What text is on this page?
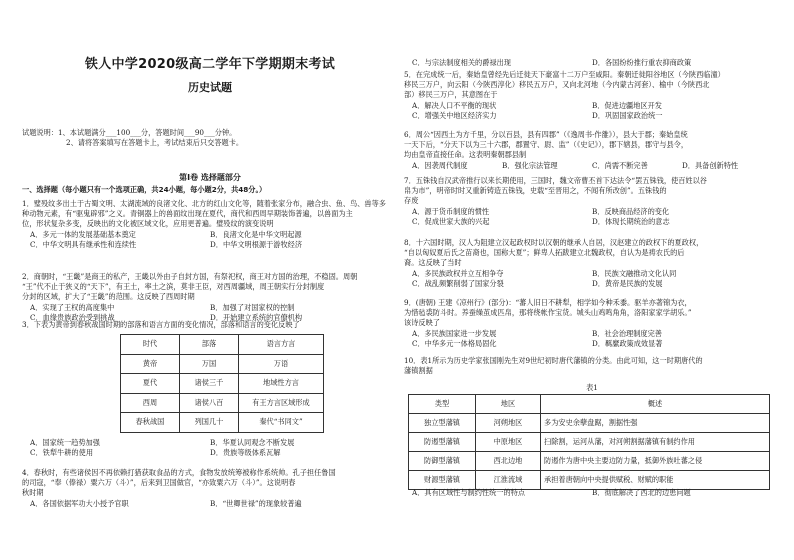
铁人中学2020级高二学年下学期期末考试
历史试题
试题说明：1、本试题满分___100___分，答题时间___90___分钟。
2、请将答案填写在答题卡上，考试结束后只交答题卡。
第Ⅰ卷 选择题部分
一、选择题（每小题只有一个选项正确，共24小题，每小题2分，共48分。）
1．璧殁纹多出土于古蜀文明、太湖流域的良渚文化、北方的红山文化等，随着张家分布，融合虫、鱼、鸟、兽等多
种动物元素，有“驱鬼辟邪”之义。青铜器上的兽面纹出现在夏代，商代和西周早期装饰普遍，以兽面为主
位，形状复杂多变，反映出的文化被区域文化，应用更普遍。璧殁纹的演变说明
A．多元一体的发展基础基本奠定	B．良渚文化是中华文明起源
C．中华文明具有继承性和连续性	D．中华文明根源于游牧经济
2．商朝时，“王畿”是商王的私产，王畿以外由子自封方国，有祭祀权，商王对方国的治理，不稳固。周朝
“王”代不止于狭义的“天下”，有王土，率土之滨，莫非王臣，对西周疆域，周王朝实行分封制度
分封的区域，扩大了“王畿”的范围。这反映了西周时期
A．实现了王权的高度集中	B．加强了对国家权的控制
C．血缘贵族政治受到挑战	D．开始建立系统的官僚机构
3．下表为黄帝到春秋战国时期的部落和语言方面的变化情况，部落和语言的变化反映了
时代	部落	语言方言
黄帝	万国	万语
夏代	诸侯三千	地域性方言
西周	诸侯八百	有王方言区域形成
春秋战国	列国几十	秦代“书同文”
A．国家统一趋势加强	B．华夏认同观念不断发展
C．铁犁牛耕的使用	D．贵族等级体系瓦解
4．春秋时，有些诸侯因不再依赖打猎获取食品的方式，食物发放统筹被称作系统帅。孔子担任鲁国
的司寇，“奉（俸禄）粟六万（斗）”，后来到卫国做官，“亦致粟六万（斗）”。这说明春
秋时期
A．各国依据军功大小授予官职	B．“世卿世禄”的现象较普遍
C．与宗法制度相关的爵禄出现	D．各国纷纷推行重农抑商政策
5．在完成统一后，秦始皇曾经先后迁徙天下豪富十二万户至咸阳。秦朝迁徙阳谷地区（今陕西临潼）
移民三万户，向云阳（今陕西淳化）移民五万户，又向北河地（今内蒙古河套）、榆中（今陕西北
部）移民三万户，其意图在于
A．解决人口不平衡的现状	B．促进边疆地区开发
C．增强关中地区经济实力	D．巩固国家政治统一
6．周公“因西土为方千里，分以百县，县有四郡”（《逸周书·作雒》），县大于郡；秦始皇统
一天下后，“分天下以为三十六郡，郡置守、尉、监”（《史记》），郡下辖县，郡守与县令，
均由皇帝直接任命。这表明秦朝郡县制
A．因袭周代制度	B．强化宗法管理	C．尚需不断完善	D．具备创新特性
7．五铢钱自汉武帝推行以来长期使用，三国时，魏文帝曹丕首下达法令“罢五铢钱，使百姓以谷
帛为市”，明帝时时又重新铸造五铢钱，史载“至晋用之，不闻有所改创”。五铢钱的
存废
A．源于货币制度的惯性	B．反映商品经济的变化
C．促成世家大族的兴起	D．体现长期统治的意志
8．十六国时期，汉人为阻建立汉起政权时以汉朝的继承人自居，汉赵建立的政权下的夏政权，
“自以匈奴夏后氏之苗裔也，国称大夏”；鲜卑人拓跋建立北魏政权，自认为是祷农氏的后
裔。这反映了当时
A．多民族政权并立互相争夺	B．民族文融推动文化认同
C．战乱频繁削弱了国家分裂	D．黄帝是民族的发展
9．(唐朝) 王建《凉州行》(部分)：“蕃人旧日不耕犁，相学如今种禾黍。驱羊亦著锦为衣，
为惜毡裘防斗时。养蚕缲茧成匹帛，那将绕帐作宝货。城头山鸡鸣角角，洛阳家家学胡乐。”
该诗反映了
A．多民族国家进一步发展	B．社会治理制度完善
C．中华多元一体格局固化	D．羁縻政策成效显著
10．表1所示为历史学家张国刚先生对9世纪初时唐代藩镇的分类。由此可知，这一时期唐代的
藩镇割据
表1
类型	地区	概述
独立型藩镇	河朔地区	多为安史余孽盘踞，割据性强
防遏型藩镇	中原地区	扫除割，运河从藩，对河朔割据藩镇有制约作用
防御型藩镇	西北边地	防遏作为唐中央主要边防力量，抵御外族吐蕃之侵
财源型藩镇	江淮流域	承担着唐朝向中央提供赋税、财赋的职能
A．具有区域性与制约性统一的特点	B．彻底解决了西北的边患问题
